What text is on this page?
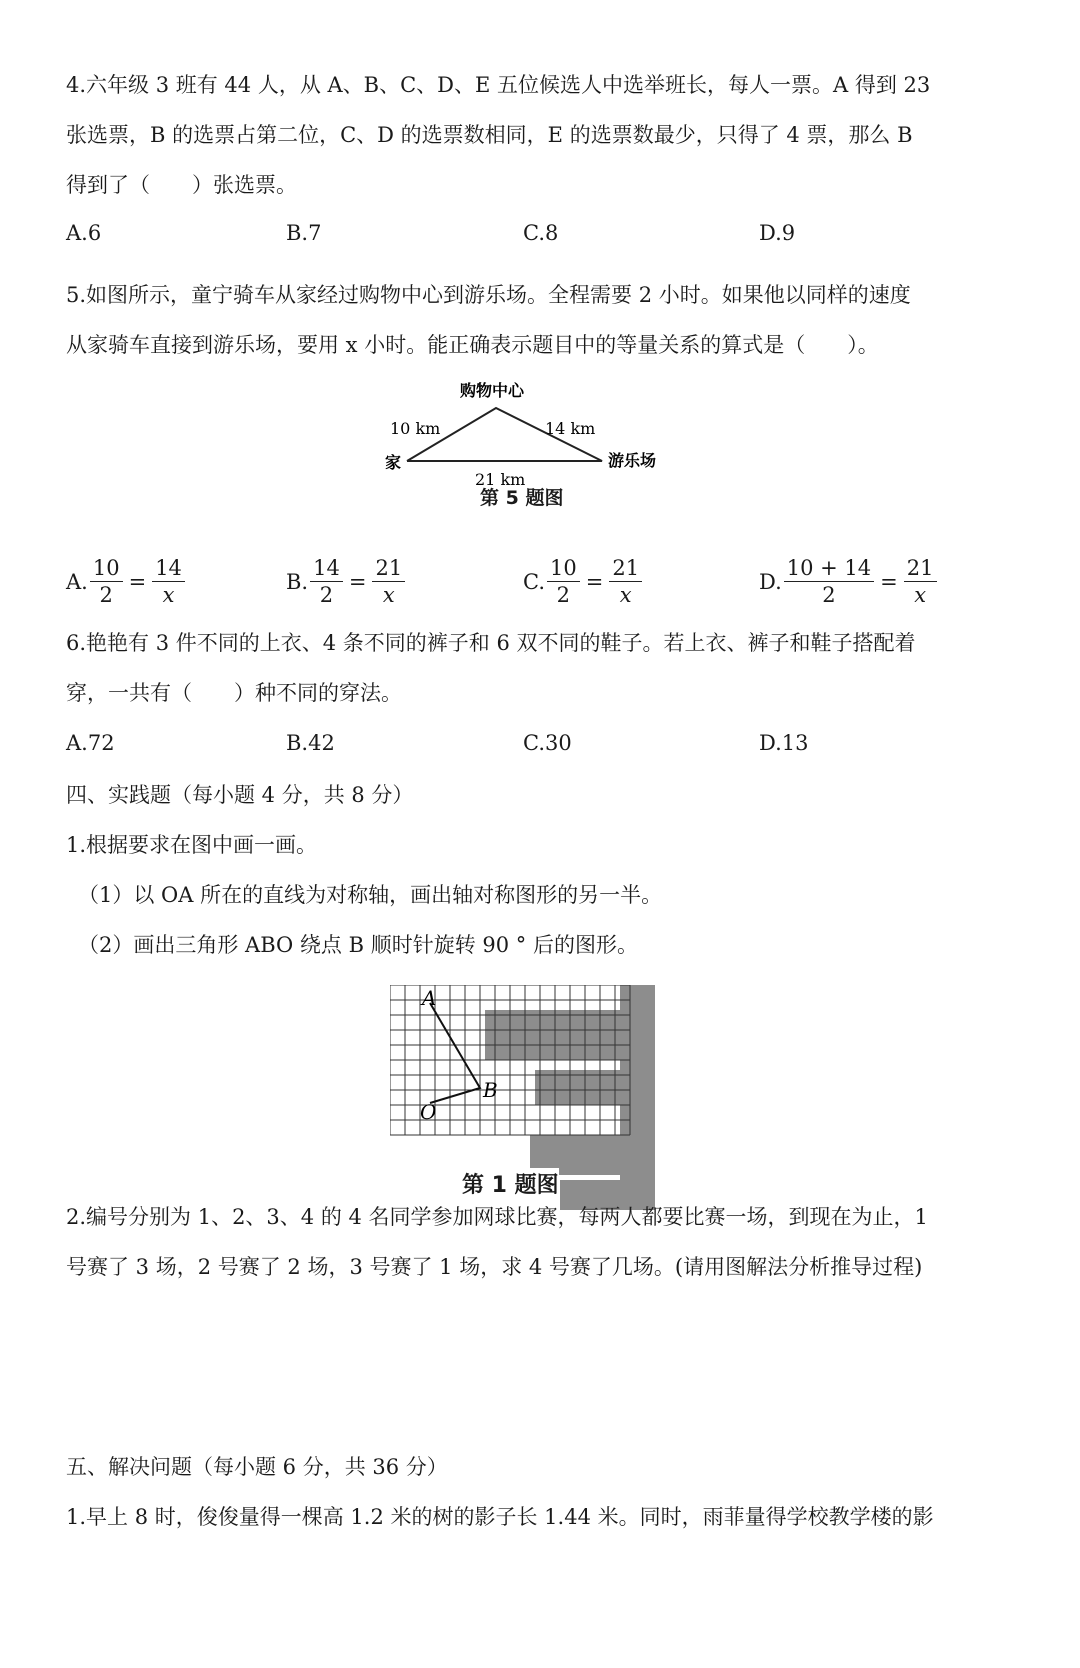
4.六年级 3 班有 44 人，从 A、B、C、D、E 五位候选人中选举班长，每人一票。A 得到 23
张选票，B 的选票占第二位，C、D 的选票数相同，E 的选票数最少，只得了 4 票，那么 B
得到了（　　）张选票。
A.6	B.7	C.8	D.9
5.如图所示，童宁骑车从家经过购物中心到游乐场。全程需要 2 小时。如果他以同样的速度
从家骑车直接到游乐场，要用 x 小时。能正确表示题目中的等量关系的算式是（　　）。
购物中心
10 km	14 km
家	游乐场
21 km
第 5 题图
A. $\frac{10}{2} = \frac{14}{x}$	B. $\frac{14}{2} = \frac{21}{x}$	C. $\frac{10}{2} = \frac{21}{x}$	D. $\frac{10 + 14}{2} = \frac{21}{x}$
6.艳艳有 3 件不同的上衣、4 条不同的裤子和 6 双不同的鞋子。若上衣、裤子和鞋子搭配着
穿，一共有（　　）种不同的穿法。
A.72	B.42	C.30	D.13
四、实践题（每小题 4 分，共 8 分）
1.根据要求在图中画一画。
（1）以 OA 所在的直线为对称轴，画出轴对称图形的另一半。
（2）画出三角形 ABO 绕点 B 顺时针旋转 90 ° 后的图形。
A
B
O
第 1 题图
2.编号分别为 1、2、3、4 的 4 名同学参加网球比赛，每两人都要比赛一场，到现在为止，1
号赛了 3 场，2 号赛了 2 场，3 号赛了 1 场，求 4 号赛了几场。(请用图解法分析推导过程)
五、解决问题（每小题 6 分，共 36 分）
1.早上 8 时，俊俊量得一棵高 1.2 米的树的影子长 1.44 米。同时，雨菲量得学校教学楼的影
